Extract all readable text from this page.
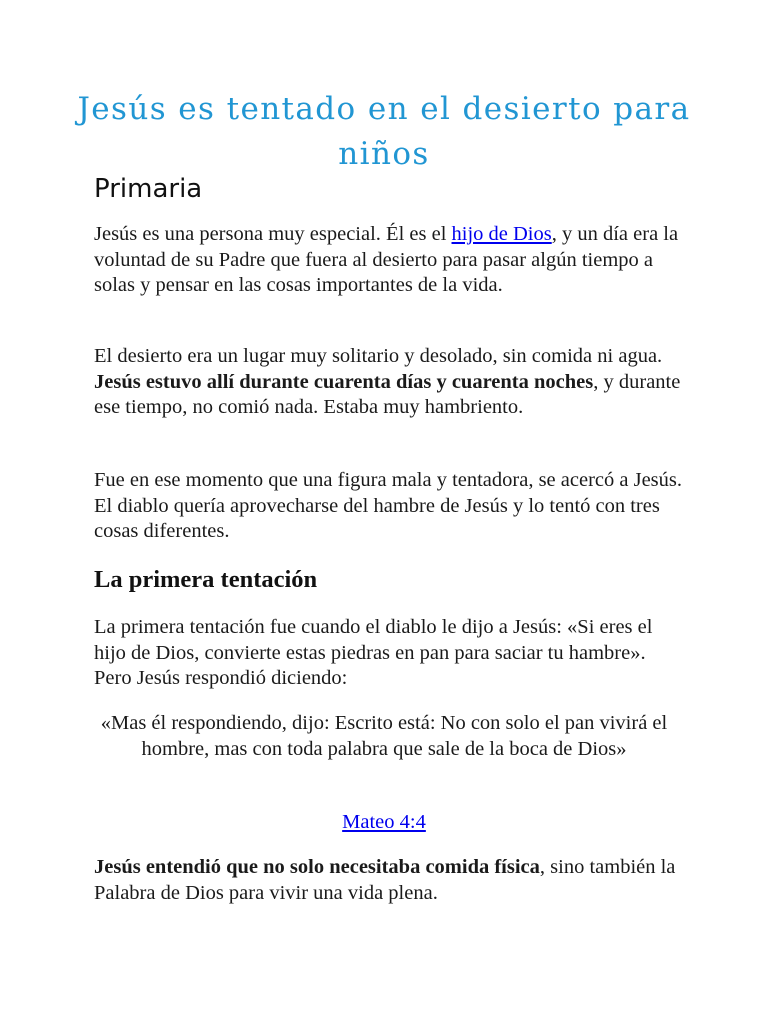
Jesús es tentado en el desierto para niños
Primaria

Jesús es una persona muy especial. Él es el hijo de Dios, y un día era la voluntad de su Padre que fuera al desierto para pasar algún tiempo a solas y pensar en las cosas importantes de la vida.

El desierto era un lugar muy solitario y desolado, sin comida ni agua. Jesús estuvo allí durante cuarenta días y cuarenta noches, y durante ese tiempo, no comió nada. Estaba muy hambriento.

Fue en ese momento que una figura mala y tentadora, se acercó a Jesús. El diablo quería aprovecharse del hambre de Jesús y lo tentó con tres cosas diferentes.

La primera tentación

La primera tentación fue cuando el diablo le dijo a Jesús: «Si eres el hijo de Dios, convierte estas piedras en pan para saciar tu hambre». Pero Jesús respondió diciendo:

«Mas él respondiendo, dijo: Escrito está: No con solo el pan vivirá el hombre, mas con toda palabra que sale de la boca de Dios»

Mateo 4:4

Jesús entendió que no solo necesitaba comida física, sino también la Palabra de Dios para vivir una vida plena.
